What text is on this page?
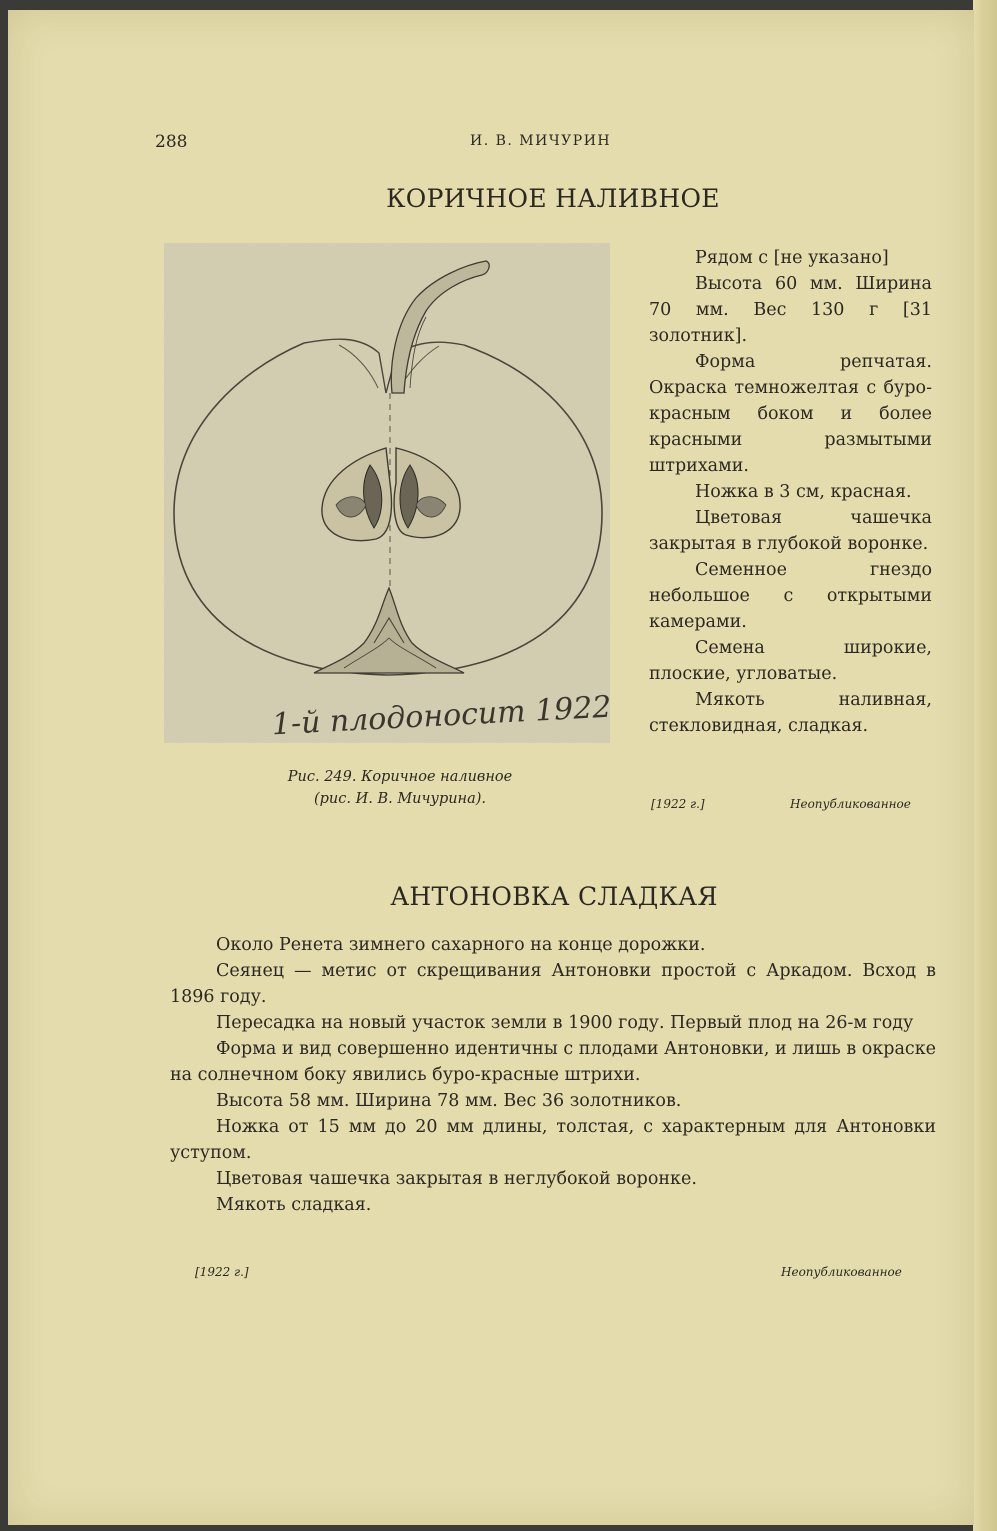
288	И. В. МИЧУРИН
КОРИЧНОЕ НАЛИВНОЕ
1-й плодоносит 1922
Рис. 249. Коричное наливное
(рис. И. В. Мичурина).

Рядом с [не указано]

Высота 60 мм. Ширина 70 мм. Вес 130 г [31 золотник].

Форма репчатая. Окраска темножелтая с буро-красным боком и более красными размытыми штрихами.

Ножка в 3 см, красная.

Цветовая чашечка закрытая в глубокой воронке.

Семенное гнездо небольшое с открытыми камерами.

Семена широкие, плоские, угловатые.

Мякоть наливная, стекловидная, сладкая.

[1922 г.]	Неопубликованное
АНТОНОВКА СЛАДКАЯ

Около Ренета зимнего сахарного на конце дорожки.

Сеянец — метис от скрещивания Антоновки простой с Аркадом. Всход в 1896 году.

Пересадка на новый участок земли в 1900 году. Первый плод на 26-м году

Форма и вид совершенно идентичны с плодами Антоновки, и лишь в окраске на солнечном боку явились буро-красные штрихи.

Высота 58 мм. Ширина 78 мм. Вес 36 золотников.

Ножка от 15 мм до 20 мм длины, толстая, с характерным для Антоновки уступом.

Цветовая чашечка закрытая в неглубокой воронке.

Мякоть сладкая.

[1922 г.]	Неопубликованное
